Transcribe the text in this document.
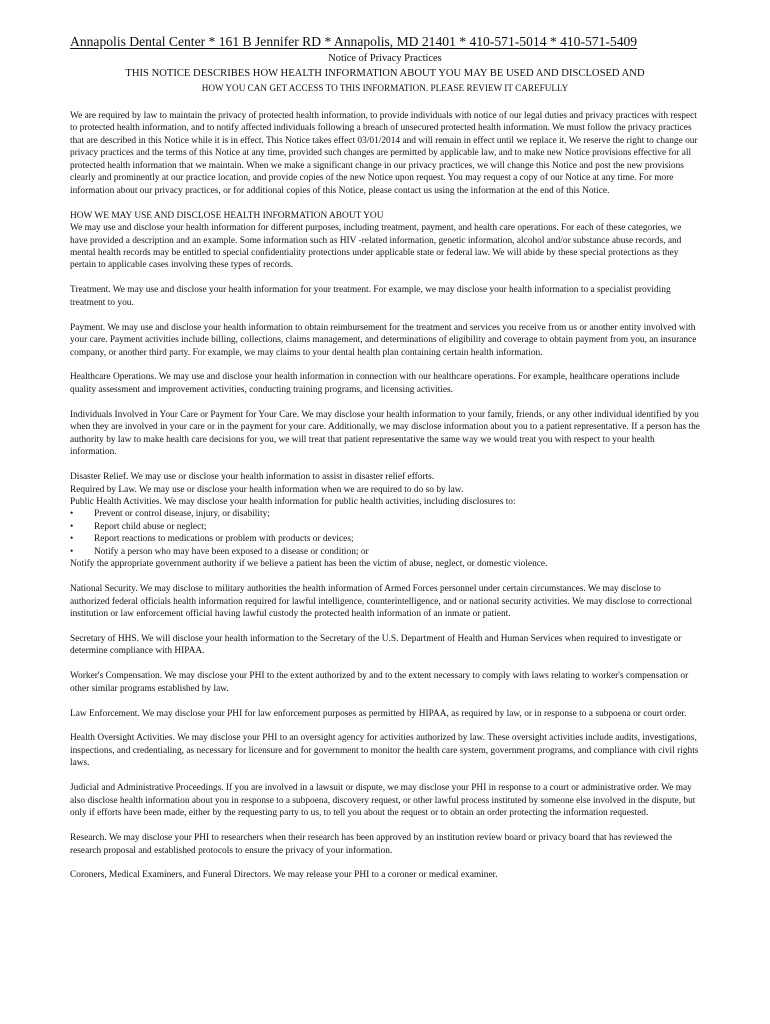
Annapolis Dental Center * 161 B Jennifer RD * Annapolis, MD 21401 * 410-571-5014 * 410-571-5409
Notice of Privacy Practices
THIS NOTICE DESCRIBES HOW HEALTH INFORMATION ABOUT YOU MAY BE USED AND DISCLOSED AND
HOW YOU CAN GET ACCESS TO THIS INFORMATION. PLEASE REVIEW IT CAREFULLY

We are required by law to maintain the privacy of protected health information, to provide individuals with notice of our legal duties and privacy practices with respect to protected health information, and to notify affected individuals following a breach of unsecured protected health information. We must follow the privacy practices that are described in this Notice while it is in effect. This Notice takes effect 03/01/2014 and will remain in effect until we replace it. We reserve the right to change our privacy practices and the terms of this Notice at any time, provided such changes are permitted by applicable law, and to make new Notice provisions effective for all protected health information that we maintain. When we make a significant change in our privacy practices, we will change this Notice and post the new provisions clearly and prominently at our practice location, and provide copies of the new Notice upon request. You may request a copy of our Notice at any time. For more information about our privacy practices, or for additional copies of this Notice, please contact us using the information at the end of this Notice.

HOW WE MAY USE AND DISCLOSE HEALTH INFORMATION ABOUT YOU

We may use and disclose your health information for different purposes, including treatment, payment, and health care operations. For each of these categories, we have provided a description and an example. Some information such as HIV -related information, genetic information, alcohol and/or substance abuse records, and mental health records may be entitled to special confidentiality protections under applicable state or federal law. We will abide by these special protections as they pertain to applicable cases involving these types of records.

Treatment. We may use and disclose your health information for your treatment. For example, we may disclose your health information to a specialist providing treatment to you.

Payment. We may use and disclose your health information to obtain reimbursement for the treatment and services you receive from us or another entity involved with your care. Payment activities include billing, collections, claims management, and determinations of eligibility and coverage to obtain payment from you, an insurance company, or another third party. For example, we may claims to your dental health plan containing certain health information.

Healthcare Operations. We may use and disclose your health information in connection with our healthcare operations. For example, healthcare operations include quality assessment and improvement activities, conducting training programs, and licensing activities.

Individuals Involved in Your Care or Payment for Your Care. We may disclose your health information to your family, friends, or any other individual identified by you when they are involved in your care or in the payment for your care. Additionally, we may disclose information about you to a patient representative. If a person has the authority by law to make health care decisions for you, we will treat that patient representative the same way we would treat you with respect to your health information.

Disaster Relief. We may use or disclose your health information to assist in disaster relief efforts.

Required by Law. We may use or disclose your health information when we are required to do so by law.

Public Health Activities. We may disclose your health information for public health activities, including disclosures to:

• Prevent or control disease, injury, or disability;

• Report child abuse or neglect;

• Report reactions to medications or problem with products or devices;

• Notify a person who may have been exposed to a disease or condition; or

Notify the appropriate government authority if we believe a patient has been the victim of abuse, neglect, or domestic violence.

National Security. We may disclose to military authorities the health information of Armed Forces personnel under certain circumstances. We may disclose to authorized federal officials health information required for lawful intelligence, counterintelligence, and or national security activities. We may disclose to correctional institution or law enforcement official having lawful custody the protected health information of an inmate or patient.

Secretary of HHS. We will disclose your health information to the Secretary of the U.S. Department of Health and Human Services when required to investigate or determine compliance with HIPAA.

Worker's Compensation. We may disclose your PHI to the extent authorized by and to the extent necessary to comply with laws relating to worker's compensation or other similar programs established by law.

Law Enforcement. We may disclose your PHI for law enforcement purposes as permitted by HIPAA, as required by law, or in response to a subpoena or court order.

Health Oversight Activities. We may disclose your PHI to an oversight agency for activities authorized by law. These oversight activities include audits, investigations, inspections, and credentialing, as necessary for licensure and for government to monitor the health care system, government programs, and compliance with civil rights laws.

Judicial and Administrative Proceedings. If you are involved in a lawsuit or dispute, we may disclose your PHI in response to a court or administrative order. We may also disclose health information about you in response to a subpoena, discovery request, or other lawful process instituted by someone else involved in the dispute, but only if efforts have been made, either by the requesting party to us, to tell you about the request or to obtain an order protecting the information requested.

Research. We may disclose your PHI to researchers when their research has been approved by an institution review board or privacy board that has reviewed the research proposal and established protocols to ensure the privacy of your information.

Coroners, Medical Examiners, and Funeral Directors. We may release your PHI to a coroner or medical examiner.
